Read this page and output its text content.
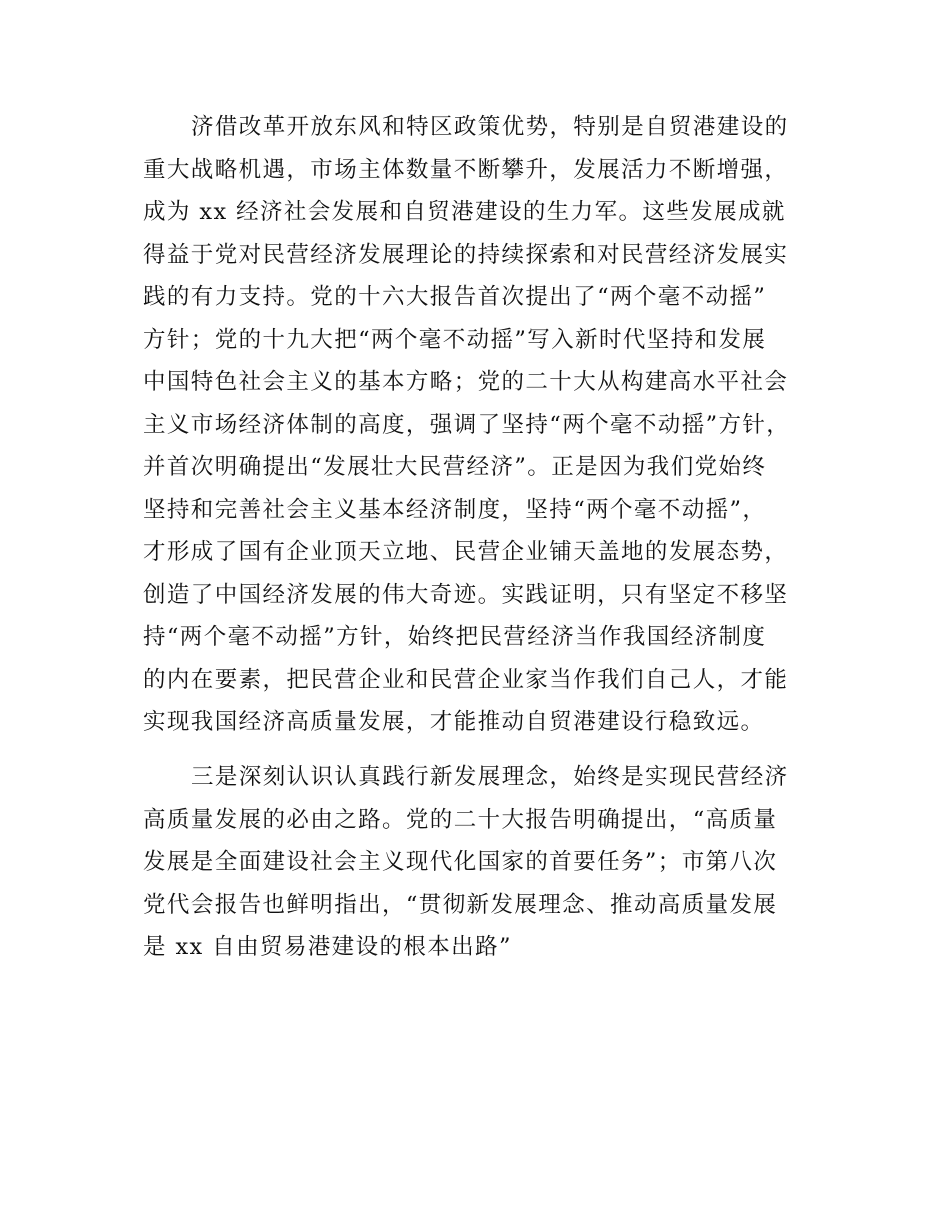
济借改革开放东风和特区政策优势，特别是自贸港建设的
重大战略机遇，市场主体数量不断攀升，发展活力不断增强，
成为 xx 经济社会发展和自贸港建设的生力军。这些发展成就
得益于党对民营经济发展理论的持续探索和对民营经济发展实
践的有力支持。党的十六大报告首次提出了“两个毫不动摇”
方针；党的十九大把“两个毫不动摇”写入新时代坚持和发展
中国特色社会主义的基本方略；党的二十大从构建高水平社会
主义市场经济体制的高度，强调了坚持“两个毫不动摇”方针，
并首次明确提出“发展壮大民营经济”。正是因为我们党始终
坚持和完善社会主义基本经济制度，坚持“两个毫不动摇”，
才形成了国有企业顶天立地、民营企业铺天盖地的发展态势，
创造了中国经济发展的伟大奇迹。实践证明，只有坚定不移坚
持“两个毫不动摇”方针，始终把民营经济当作我国经济制度
的内在要素，把民营企业和民营企业家当作我们自己人，才能
实现我国经济高质量发展，才能推动自贸港建设行稳致远。
三是深刻认识认真践行新发展理念，始终是实现民营经济
高质量发展的必由之路。党的二十大报告明确提出，“高质量
发展是全面建设社会主义现代化国家的首要任务”；市第八次
党代会报告也鲜明指出，“贯彻新发展理念、推动高质量发展
是 xx 自由贸易港建设的根本出路”
